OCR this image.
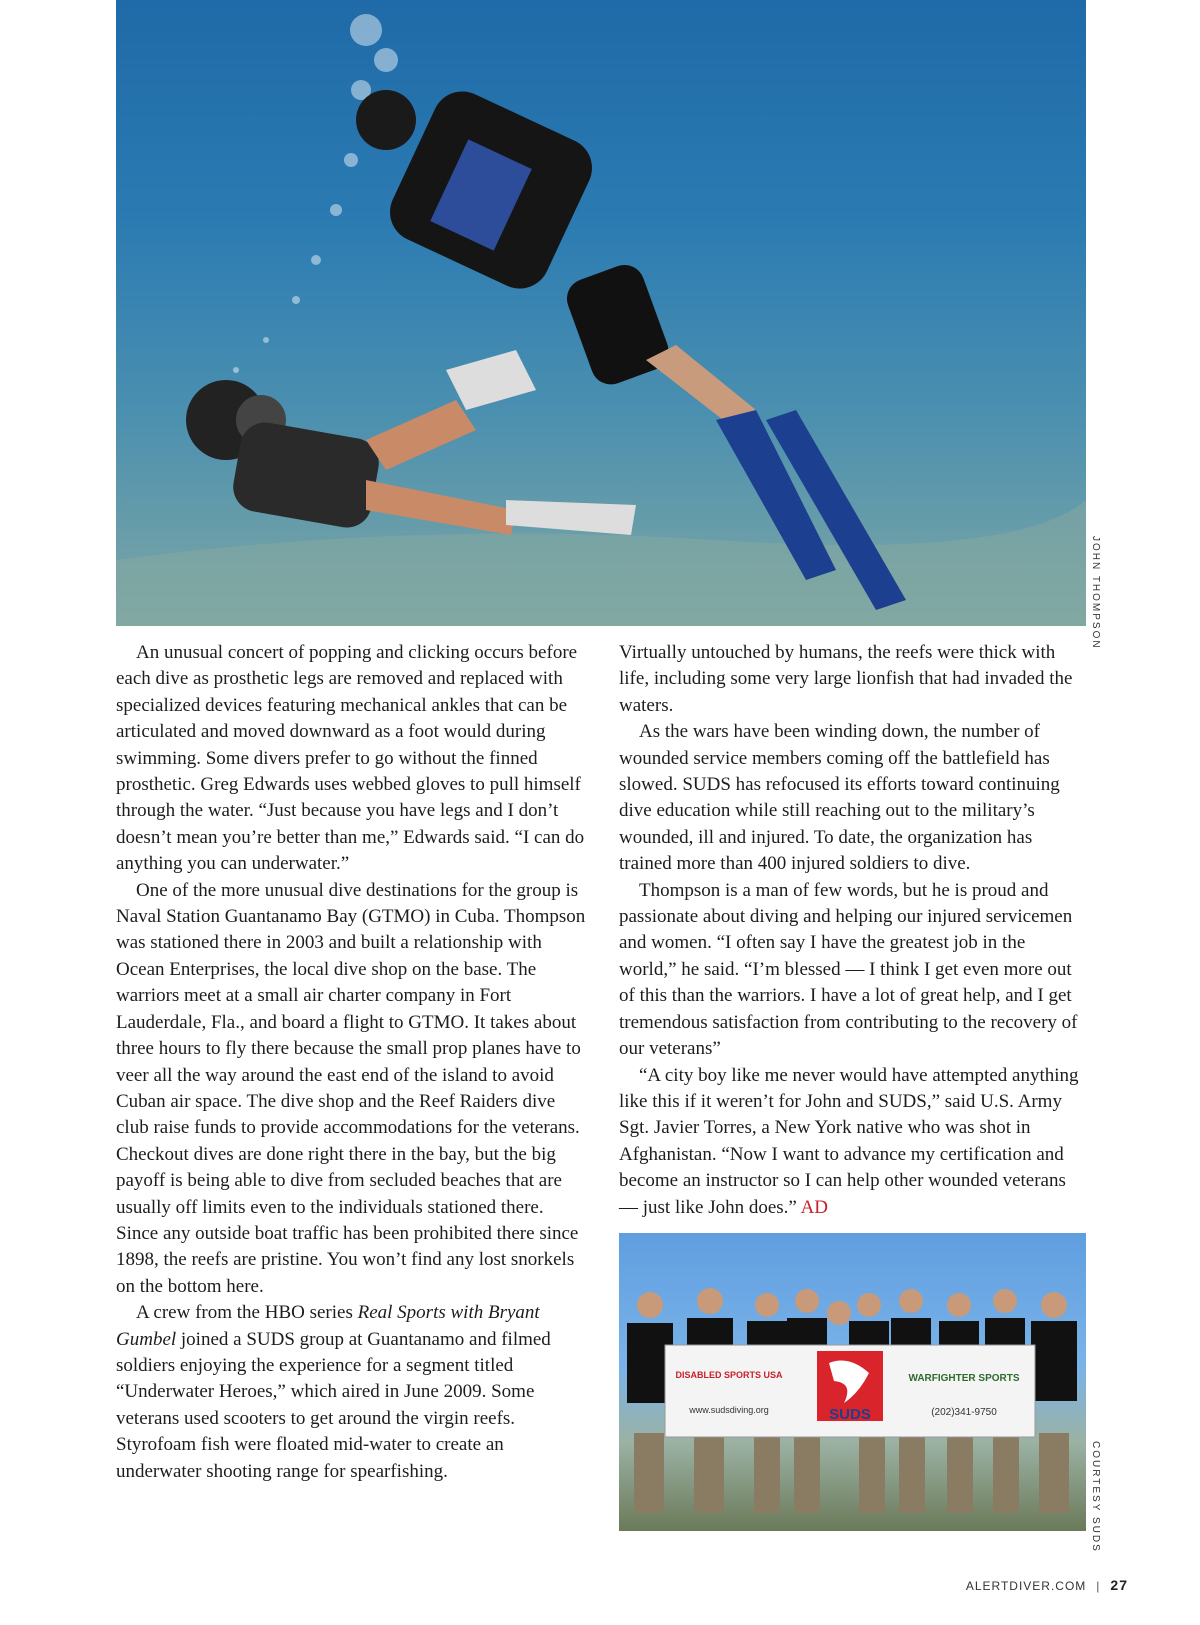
JOHN THOMPSON

An unusual concert of popping and clicking occurs before each dive as prosthetic legs are removed and replaced with specialized devices featuring mechanical ankles that can be articulated and moved downward as a foot would during swimming. Some divers prefer to go without the finned prosthetic. Greg Edwards uses webbed gloves to pull himself through the water. “Just because you have legs and I don’t doesn’t mean you’re better than me,” Edwards said. “I can do anything you can underwater.”

One of the more unusual dive destinations for the group is Naval Station Guantanamo Bay (GTMO) in Cuba. Thompson was stationed there in 2003 and built a relationship with Ocean Enterprises, the local dive shop on the base. The warriors meet at a small air charter company in Fort Lauderdale, Fla., and board a flight to GTMO. It takes about three hours to fly there because the small prop planes have to veer all the way around the east end of the island to avoid Cuban air space. The dive shop and the Reef Raiders dive club raise funds to provide accommodations for the veterans. Checkout dives are done right there in the bay, but the big payoff is being able to dive from secluded beaches that are usually off limits even to the individuals stationed there. Since any outside boat traffic has been prohibited there since 1898, the reefs are pristine. You won’t find any lost snorkels on the bottom here.

A crew from the HBO series Real Sports with Bryant Gumbel joined a SUDS group at Guantanamo and filmed soldiers enjoying the experience for a segment titled “Underwater Heroes,” which aired in June 2009. Some veterans used scooters to get around the virgin reefs. Styrofoam fish were floated mid-water to create an underwater shooting range for spearfishing.

Virtually untouched by humans, the reefs were thick with life, including some very large lionfish that had invaded the waters.

As the wars have been winding down, the number of wounded service members coming off the battlefield has slowed. SUDS has refocused its efforts toward continuing dive education while still reaching out to the military’s wounded, ill and injured. To date, the organization has trained more than 400 injured soldiers to dive.

Thompson is a man of few words, but he is proud and passionate about diving and helping our injured servicemen and women. “I often say I have the greatest job in the world,” he said. “I’m blessed — I think I get even more out of this than the warriors. I have a lot of great help, and I get tremendous satisfaction from contributing to the recovery of our veterans”

“A city boy like me never would have attempted anything like this if it weren’t for John and SUDS,” said U.S. Army Sgt. Javier Torres, a New York native who was shot in Afghanistan. “Now I want to advance my certification and become an instructor so I can help other wounded veterans — just like John does.” AD

SUDS
DISABLED SPORTS USA
www.sudsdiving.org
WARFIGHTER SPORTS
(202)341-9750
COURTESY SUDS
ALERTDIVER.COM | 27
